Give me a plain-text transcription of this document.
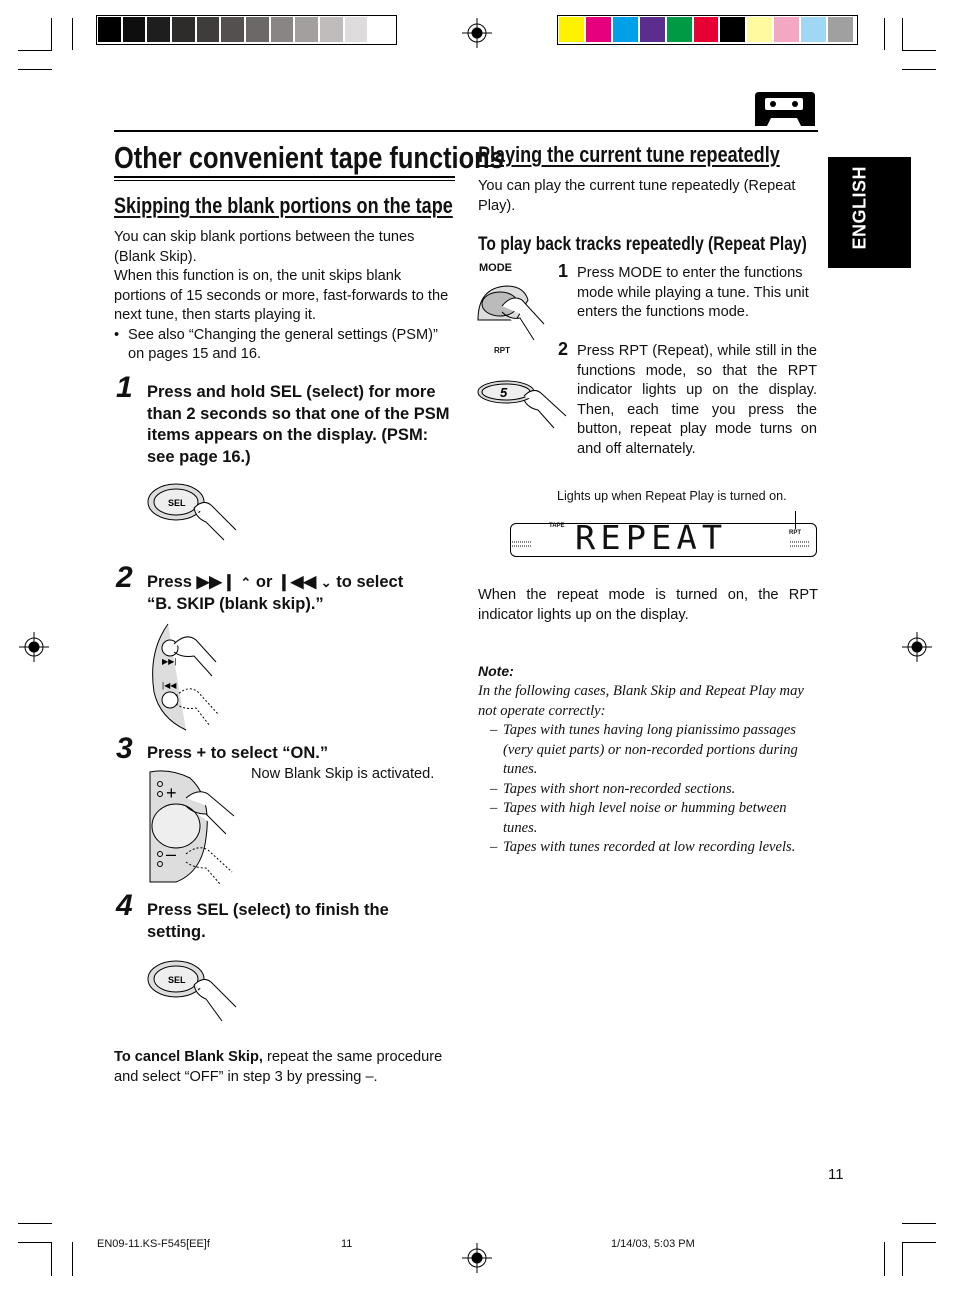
ENGLISH
Other convenient tape functions
Skipping the blank portions on the tape
You can skip blank portions between the tunes (Blank Skip).
When this function is on, the unit skips blank portions of 15 seconds or more, fast-forwards to the next tune, then starts playing it.
• See also “Changing the general settings (PSM)” on pages 15 and 16.
1 Press and hold SEL (select) for more than 2 seconds so that one of the PSM items appears on the display. (PSM: see page 16.)
SEL
2 Press ▶▶❙ ⌃ or ❙◀◀ ⌄ to select
“B. SKIP (blank skip).”
▶▶|
|◀◀
3 Press + to select “ON.”
Now Blank Skip is activated.
+
–
4 Press SEL (select) to finish the setting.
SEL
To cancel Blank Skip, repeat the same procedure and select “OFF” in step 3 by pressing –.
Playing the current tune repeatedly
You can play the current tune repeatedly (Repeat Play).
To play back tracks repeatedly (Repeat Play)
MODE
RPT
5
1 Press MODE to enter the functions mode while playing a tune. This unit enters the functions mode.
2 Press RPT (Repeat), while still in the functions mode, so that the RPT indicator lights up on the display. Then, each time you press the button, repeat play mode turns on and off alternately.
Lights up when Repeat Play is turned on.
TAPE
RPT
REPEAT
When the repeat mode is turned on, the RPT indicator lights up on the display.
Note:
In the following cases, Blank Skip and Repeat Play may not operate correctly:
– Tapes with tunes having long pianissimo passages (very quiet parts) or non-recorded portions during tunes.
– Tapes with short non-recorded sections.
– Tapes with high level noise or humming between tunes.
– Tapes with tunes recorded at low recording levels.
11
EN09-11.KS-F545[EE]f	11	1/14/03, 5:03 PM
